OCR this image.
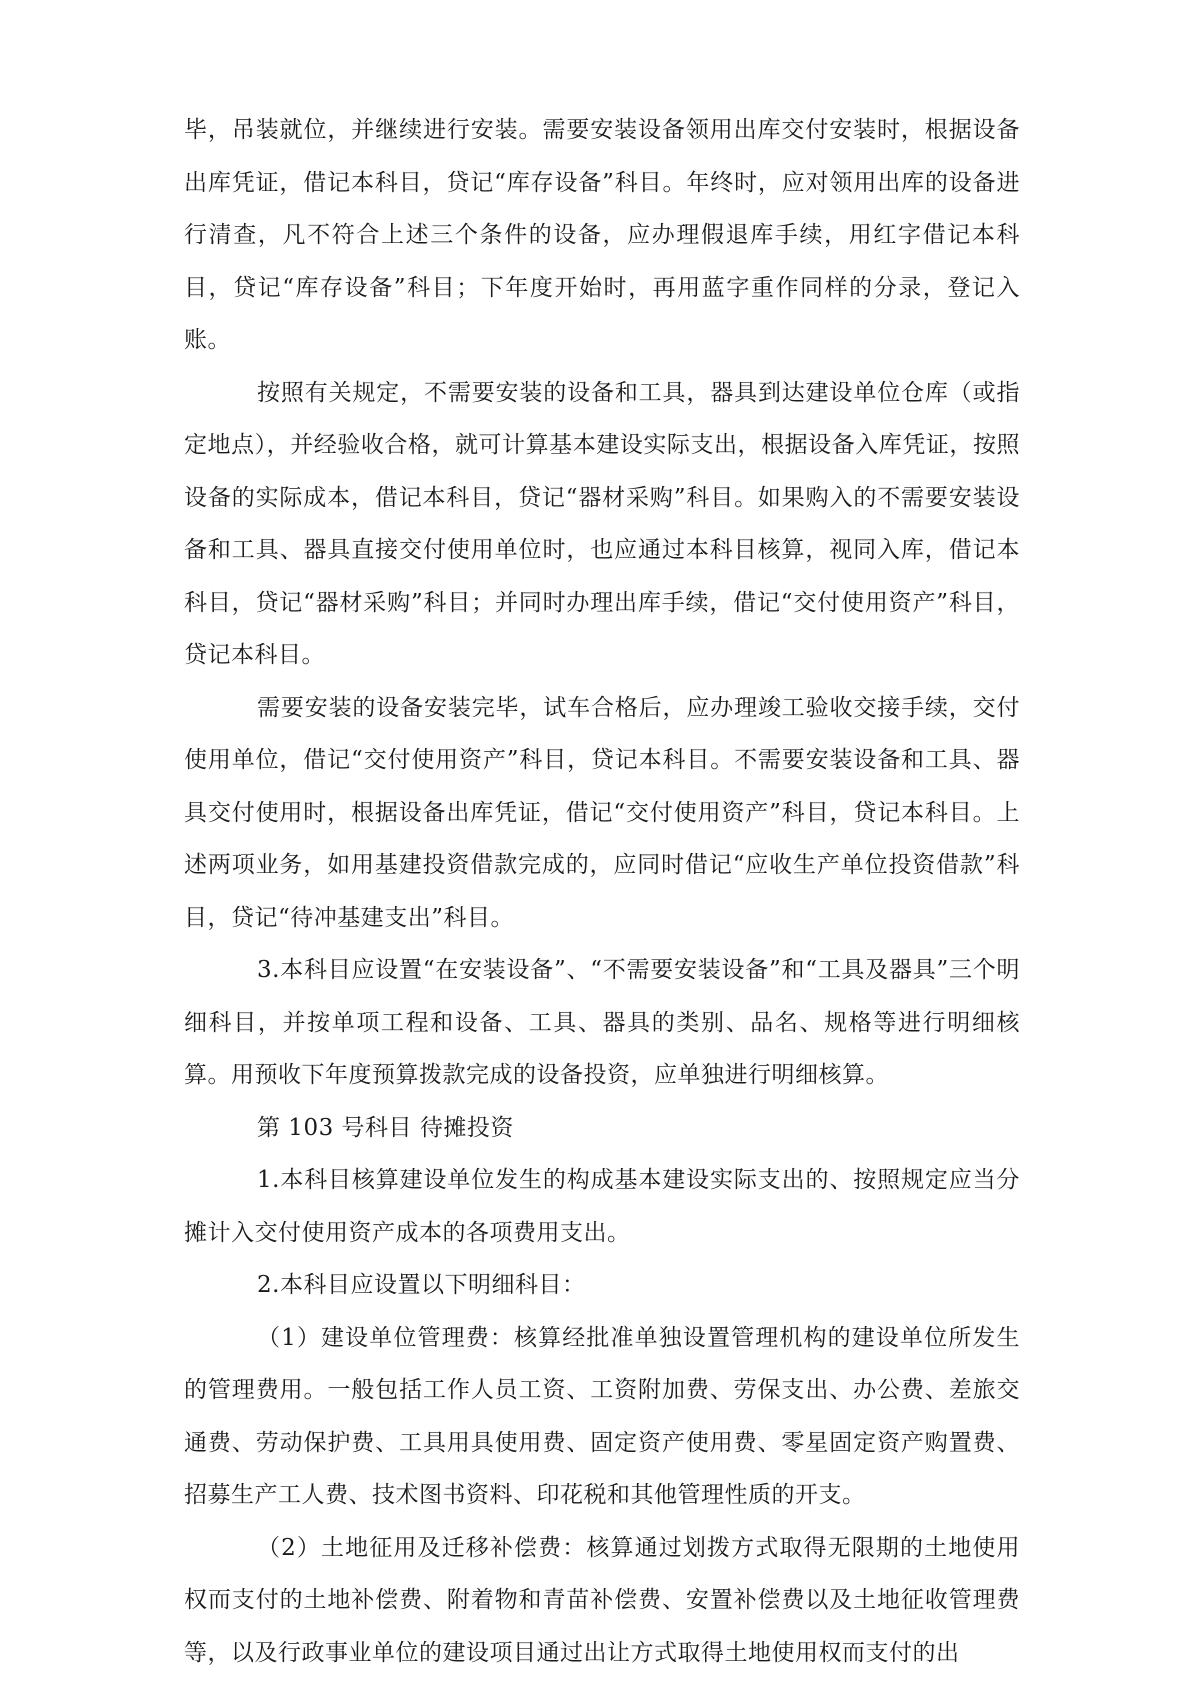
毕，吊装就位，并继续进行安装。需要安装设备领用出库交付安装时，根据设备出库凭证，借记本科目，贷记“库存设备”科目。年终时，应对领用出库的设备进行清查，凡不符合上述三个条件的设备，应办理假退库手续，用红字借记本科目，贷记“库存设备”科目；下年度开始时，再用蓝字重作同样的分录，登记入账。

按照有关规定，不需要安装的设备和工具，器具到达建设单位仓库（或指定地点），并经验收合格，就可计算基本建设实际支出，根据设备入库凭证，按照设备的实际成本，借记本科目，贷记“器材采购”科目。如果购入的不需要安装设备和工具、器具直接交付使用单位时，也应通过本科目核算，视同入库，借记本科目，贷记“器材采购”科目；并同时办理出库手续，借记“交付使用资产”科目，贷记本科目。

需要安装的设备安装完毕，试车合格后，应办理竣工验收交接手续，交付使用单位，借记“交付使用资产”科目，贷记本科目。不需要安装设备和工具、器具交付使用时，根据设备出库凭证，借记“交付使用资产”科目，贷记本科目。上述两项业务，如用基建投资借款完成的，应同时借记“应收生产单位投资借款”科目，贷记“待冲基建支出”科目。

3.本科目应设置“在安装设备”、“不需要安装设备”和“工具及器具”三个明细科目，并按单项工程和设备、工具、器具的类别、品名、规格等进行明细核算。用预收下年度预算拨款完成的设备投资，应单独进行明细核算。

第 103 号科目 待摊投资

1.本科目核算建设单位发生的构成基本建设实际支出的、按照规定应当分摊计入交付使用资产成本的各项费用支出。

2.本科目应设置以下明细科目：

（1）建设单位管理费：核算经批准单独设置管理机构的建设单位所发生的管理费用。一般包括工作人员工资、工资附加费、劳保支出、办公费、差旅交通费、劳动保护费、工具用具使用费、固定资产使用费、零星固定资产购置费、招募生产工人费、技术图书资料、印花税和其他管理性质的开支。

（2）土地征用及迁移补偿费：核算通过划拨方式取得无限期的土地使用权而支付的土地补偿费、附着物和青苗补偿费、安置补偿费以及土地征收管理费等，以及行政事业单位的建设项目通过出让方式取得土地使用权而支付的出
